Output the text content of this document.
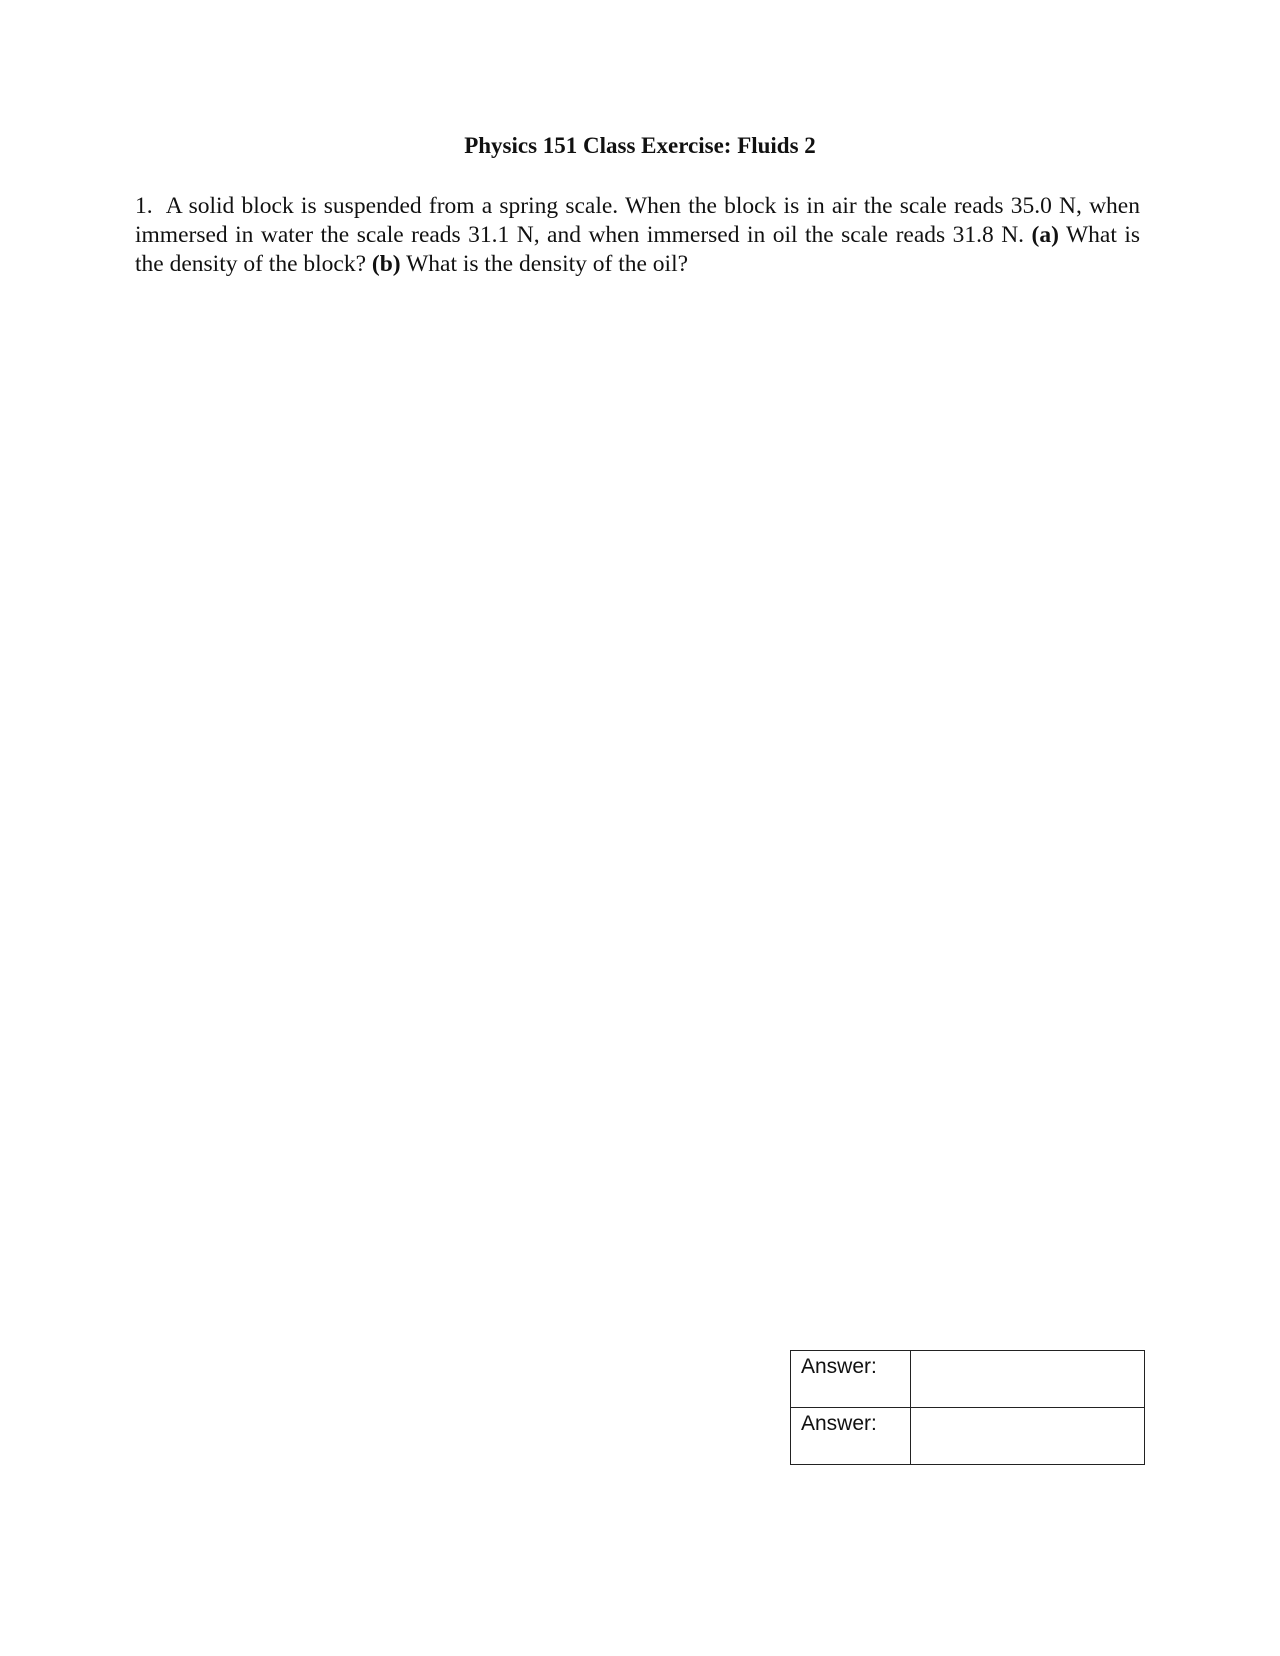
Physics 151 Class Exercise: Fluids 2

1. A solid block is suspended from a spring scale. When the block is in air the scale reads 35.0 N, when immersed in water the scale reads 31.1 N, and when immersed in oil the scale reads 31.8 N. (a) What is the density of the block? (b) What is the density of the oil?

Answer:	
Answer:	
